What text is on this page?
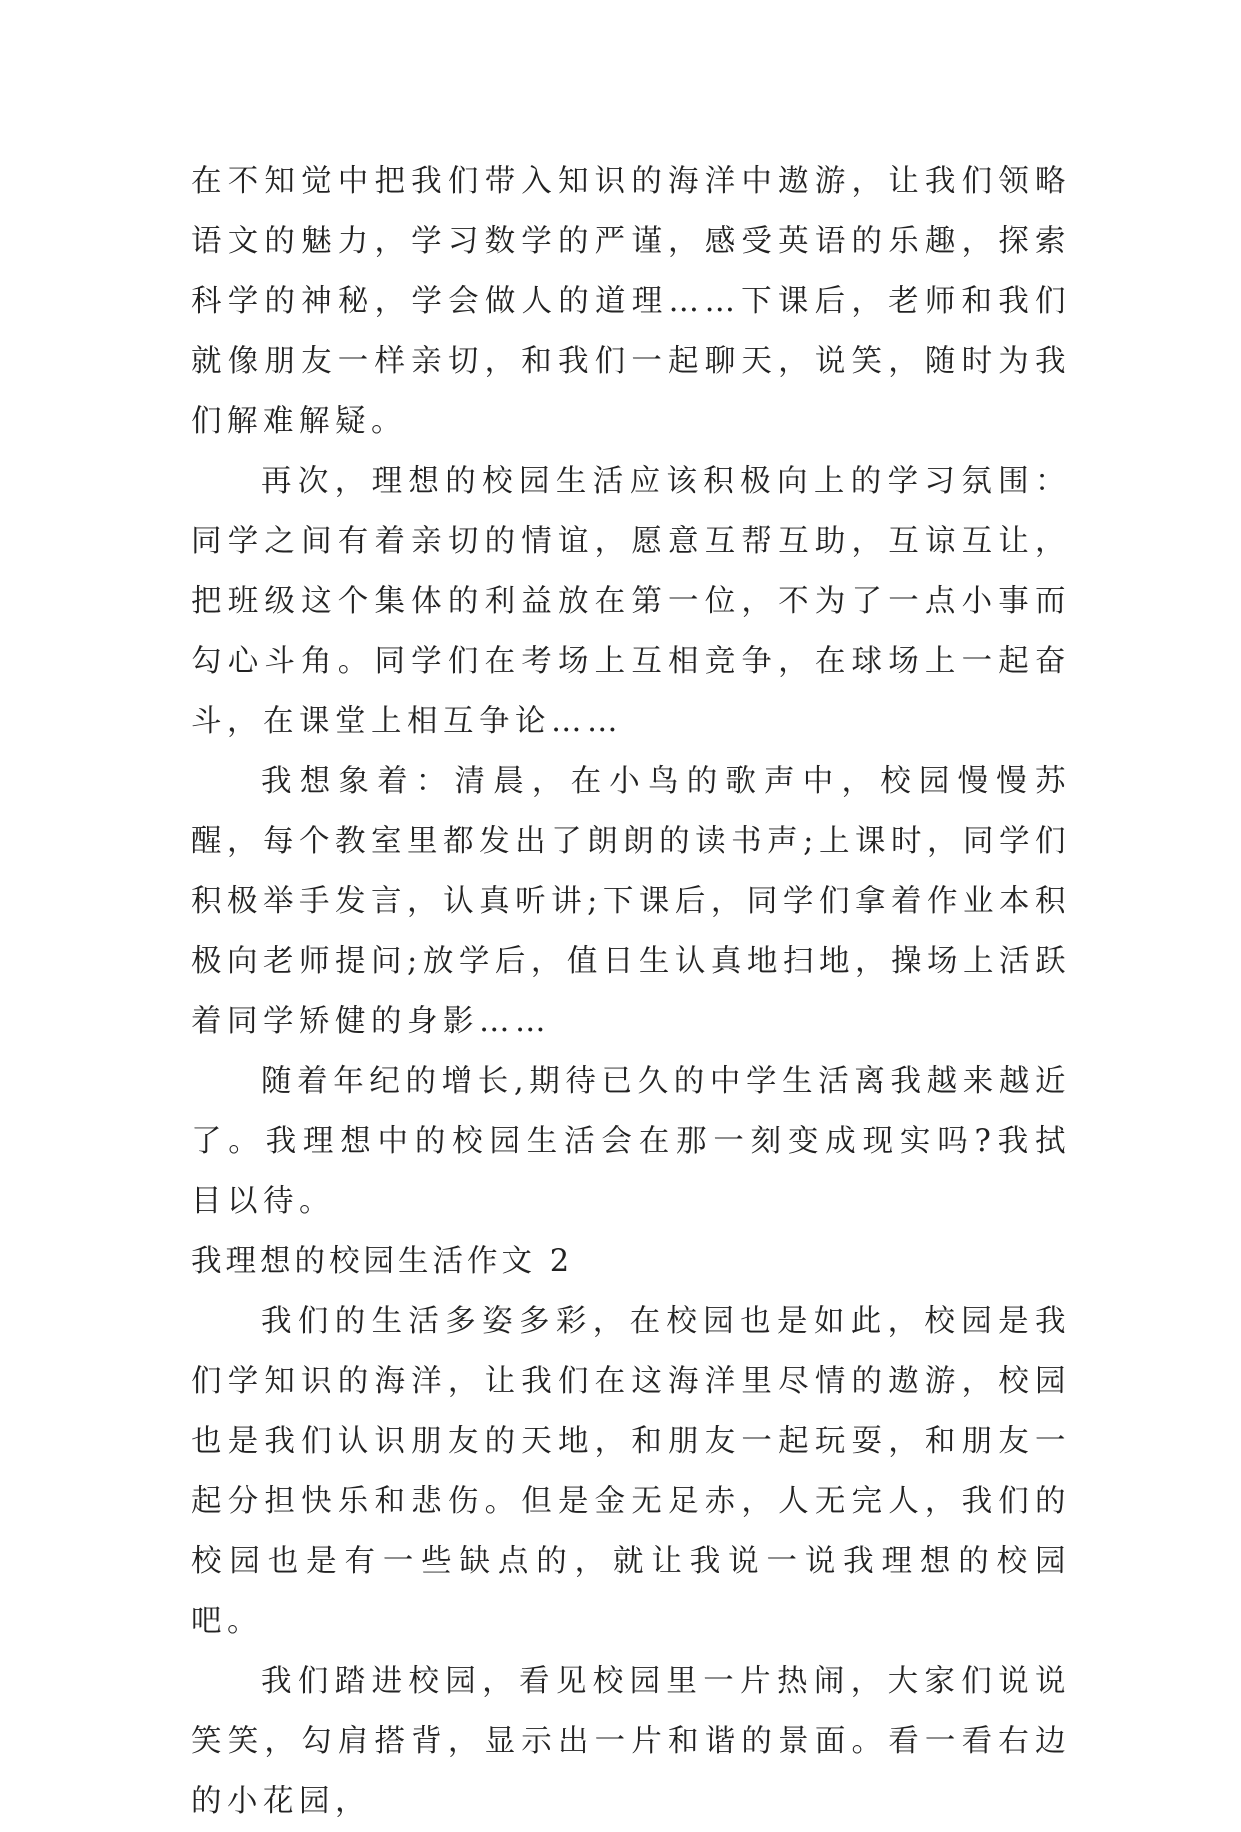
在不知觉中把我们带入知识的海洋中遨游，让我们领略语文的魅力，学习数学的严谨，感受英语的乐趣，探索科学的神秘，学会做人的道理……下课后，老师和我们就像朋友一样亲切，和我们一起聊天，说笑，随时为我们解难解疑。

再次，理想的校园生活应该积极向上的学习氛围：同学之间有着亲切的情谊，愿意互帮互助，互谅互让，把班级这个集体的利益放在第一位，不为了一点小事而勾心斗角。同学们在考场上互相竞争，在球场上一起奋斗，在课堂上相互争论……

我想象着：清晨，在小鸟的歌声中，校园慢慢苏醒，每个教室里都发出了朗朗的读书声;上课时，同学们积极举手发言，认真听讲;下课后，同学们拿着作业本积极向老师提问;放学后，值日生认真地扫地，操场上活跃着同学矫健的身影……

随着年纪的增长,期待已久的中学生活离我越来越近了。我理想中的校园生活会在那一刻变成现实吗?我拭目以待。

我理想的校园生活作文 2

我们的生活多姿多彩，在校园也是如此，校园是我们学知识的海洋，让我们在这海洋里尽情的遨游，校园也是我们认识朋友的天地，和朋友一起玩耍，和朋友一起分担快乐和悲伤。但是金无足赤，人无完人，我们的校园也是有一些缺点的，就让我说一说我理想的校园吧。

我们踏进校园，看见校园里一片热闹，大家们说说笑笑，勾肩搭背，显示出一片和谐的景面。看一看右边的小花园，
